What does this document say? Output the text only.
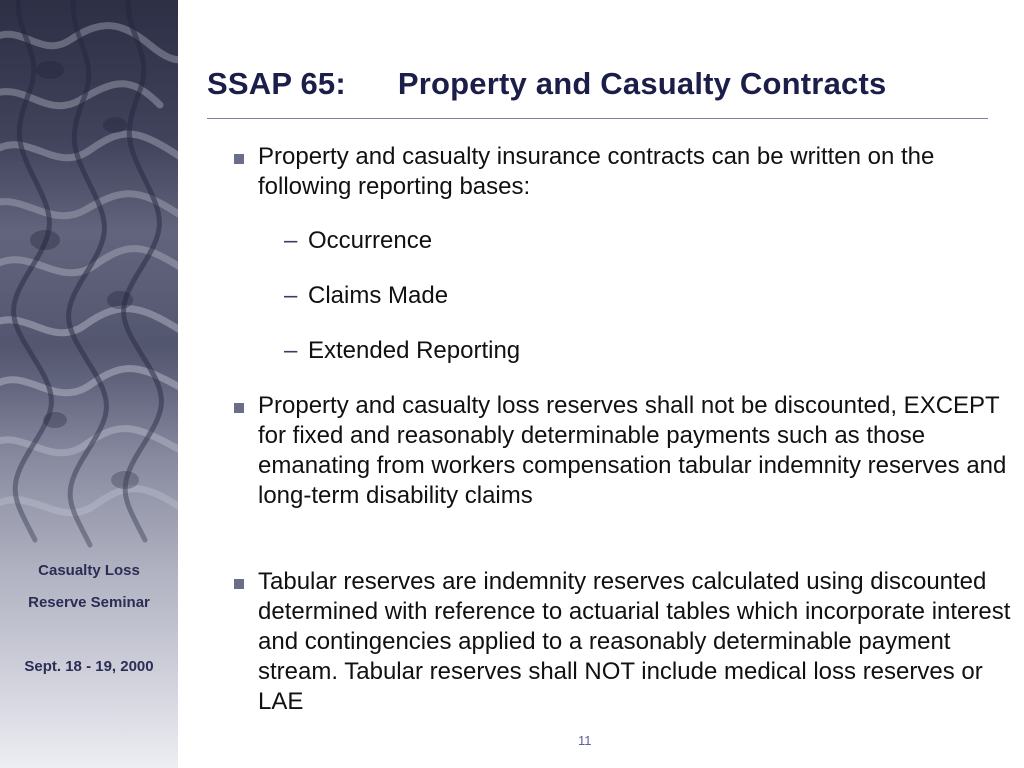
Casualty Loss
Reserve Seminar
Sept. 18 - 19, 2000
SSAP 65: Property and Casualty Contracts
Property and casualty insurance contracts can be written on the following reporting bases:
– Occurrence
– Claims Made
– Extended Reporting
Property and casualty loss reserves shall not be discounted, EXCEPT for fixed and reasonably determinable payments such as those emanating from workers compensation tabular indemnity reserves and long-term disability claims
Tabular reserves are indemnity reserves calculated using discounted determined with reference to actuarial tables which incorporate interest and contingencies applied to a reasonably determinable payment stream. Tabular reserves shall NOT include medical loss reserves or LAE
11
